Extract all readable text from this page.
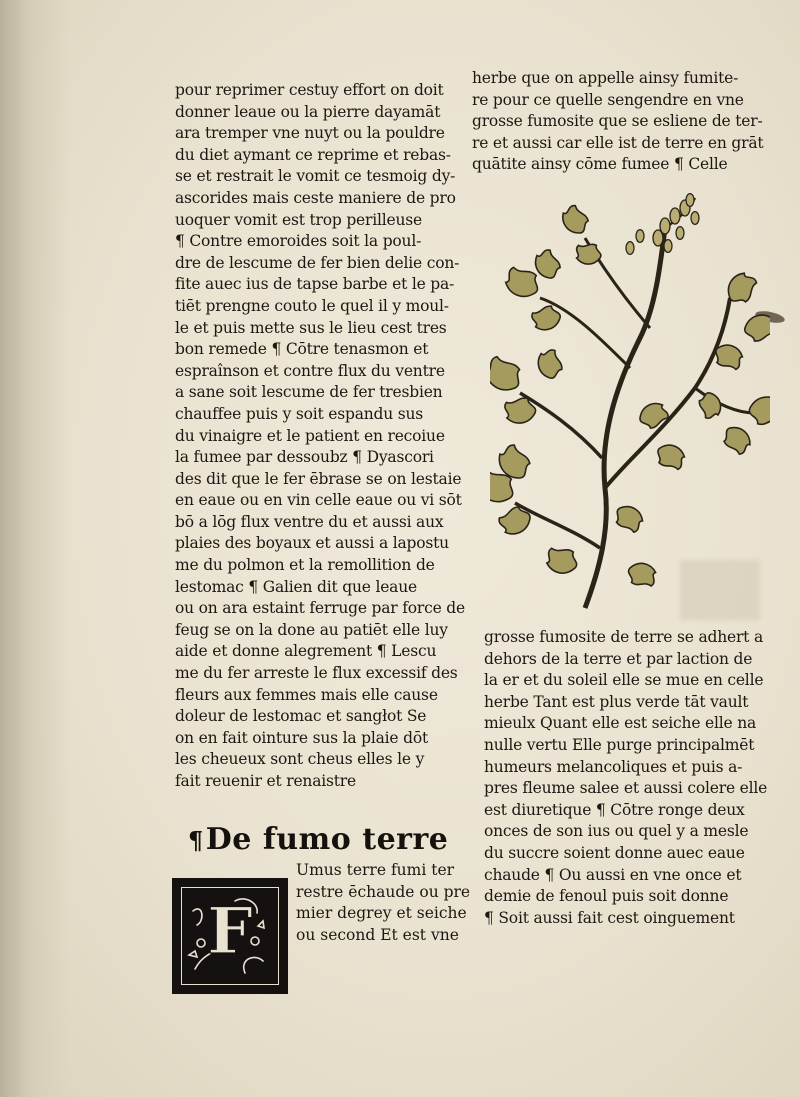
pour reprimer cestuy effort on doit
donner leaue ou la pierre dayamāt
ara tremper vne nuyt ou la pouldre
du diet aymant ce reprime et rebas-
se et restrait le vomit ce tesmoig dy-
ascorides mais ceste maniere de pro
uoquer vomit est trop perilleuse
¶ Contre emoroides soit la poul-
dre de lescume de fer bien delie con-
fite auec ius de tapse barbe et le pa-
tiēt prengne couto le quel il y moul-
le et puis mette sus le lieu cest tres
bon remede ¶ Cōtre tenasmon et
espraînson et contre flux du ventre
a sane soit lescume de fer tresbien
chauffee puis y soit espandu sus
du vinaigre et le patient en recoiue
la fumee par dessoubz ¶ Dyascori
des dit que le fer ēbrase se on lestaie
en eaue ou en vin celle eaue ou vi sōt
bō a lōg flux ventre du et aussi aux
plaies des boyaux et aussi a lapostu
me du polmon et la remollition de
lestomac ¶ Galien dit que leaue
ou on ara estaint ferruge par force de
feug se on la done au patiēt elle luy
aide et donne alegrement ¶ Lescu
me du fer arreste le flux excessif des
fleurs aux femmes mais elle cause
doleur de lestomac et sangłot Se
on en fait ointure sus la plaie dōt
les cheueux sont cheus elles le y
fait reuenir et renaistre
¶De fumo terre
F
Umus terre fumi ter
restre ēchaude ou pre
mier degrey et seiche
ou second Et est vne
herbe que on appelle ainsy fumite-
re pour ce quelle sengendre en vne
grosse fumosite que se esliene de ter-
re et aussi car elle ist de terre en grāt
quātite ainsy cōme fumee ¶ Celle
grosse fumosite de terre se adhert a
dehors de la terre et par laction de
la er et du soleil elle se mue en celle
herbe Tant est plus verde tāt vault
mieulx Quant elle est seiche elle na
nulle vertu Elle purge principalmēt
humeurs melancoliques et puis a-
pres fleume salee et aussi colere elle
est diuretique ¶ Cōtre ronge deux
onces de son ius ou quel y a mesle
du succre soient donne auec eaue
chaude ¶ Ou aussi en vne once et
demie de fenoul puis soit donne
¶ Soit aussi fait cest oinguement
